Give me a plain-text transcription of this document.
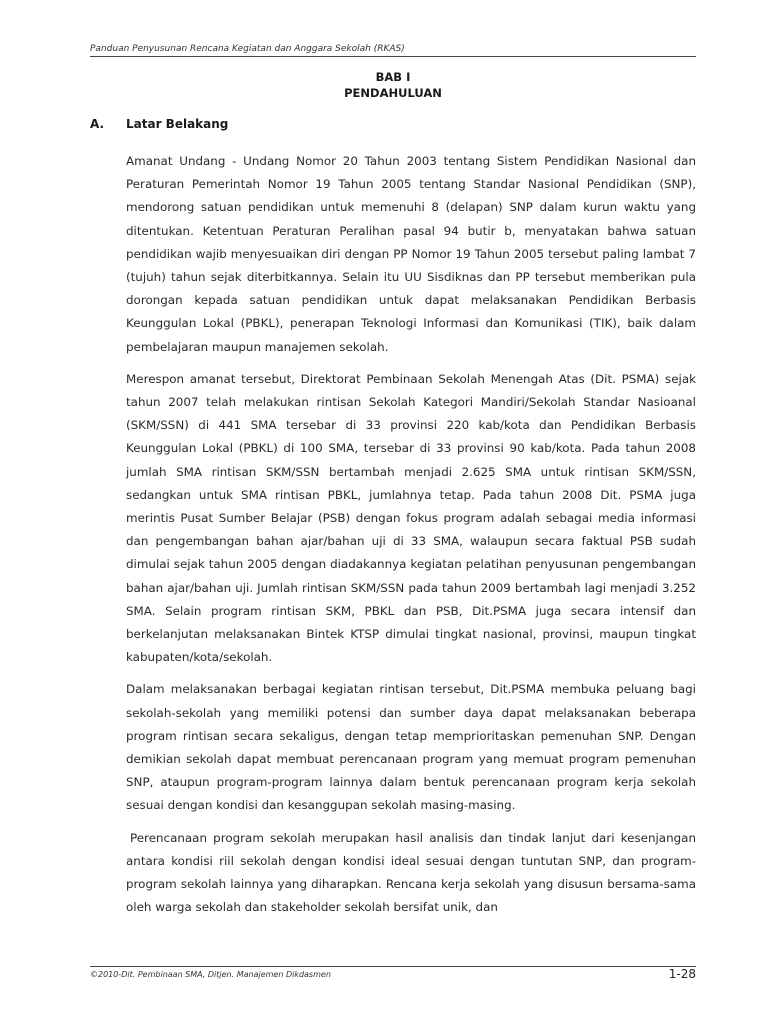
Panduan Penyusunan Rencana Kegiatan dan Anggara Sekolah (RKAS)
BAB I
PENDAHULUAN
A. Latar Belakang

Amanat Undang - Undang Nomor 20 Tahun 2003 tentang Sistem Pendidikan Nasional dan Peraturan Pemerintah Nomor 19 Tahun 2005 tentang Standar Nasional Pendidikan (SNP), mendorong satuan pendidikan untuk memenuhi 8 (delapan) SNP dalam kurun waktu yang ditentukan. Ketentuan Peraturan Peralihan pasal 94 butir b, menyatakan bahwa satuan pendidikan wajib menyesuaikan diri dengan PP Nomor 19 Tahun 2005 tersebut paling lambat 7 (tujuh) tahun sejak diterbitkannya. Selain itu UU Sisdiknas dan PP tersebut memberikan pula dorongan kepada satuan pendidikan untuk dapat melaksanakan Pendidikan Berbasis Keunggulan Lokal (PBKL), penerapan Teknologi Informasi dan Komunikasi (TIK), baik dalam pembelajaran maupun manajemen sekolah.

Merespon amanat tersebut, Direktorat Pembinaan Sekolah Menengah Atas (Dit. PSMA) sejak tahun 2007 telah melakukan rintisan Sekolah Kategori Mandiri/Sekolah Standar Nasioanal (SKM/SSN) di 441 SMA tersebar di 33 provinsi 220 kab/kota dan Pendidikan Berbasis Keunggulan Lokal (PBKL) di 100 SMA, tersebar di 33 provinsi 90 kab/kota. Pada tahun 2008 jumlah SMA rintisan SKM/SSN bertambah menjadi 2.625 SMA untuk rintisan SKM/SSN, sedangkan untuk SMA rintisan PBKL, jumlahnya tetap. Pada tahun 2008 Dit. PSMA juga merintis Pusat Sumber Belajar (PSB) dengan fokus program adalah sebagai media informasi dan pengembangan bahan ajar/bahan uji di 33 SMA, walaupun secara faktual PSB sudah dimulai sejak tahun 2005 dengan diadakannya kegiatan pelatihan penyusunan pengembangan bahan ajar/bahan uji. Jumlah rintisan SKM/SSN pada tahun 2009 bertambah lagi menjadi 3.252 SMA. Selain program rintisan SKM, PBKL dan PSB, Dit.PSMA juga secara intensif dan berkelanjutan melaksanakan Bintek KTSP dimulai tingkat nasional, provinsi, maupun tingkat kabupaten/kota/sekolah.

Dalam melaksanakan berbagai kegiatan rintisan tersebut, Dit.PSMA membuka peluang bagi sekolah-sekolah yang memiliki potensi dan sumber daya dapat melaksanakan beberapa program rintisan secara sekaligus, dengan tetap memprioritaskan pemenuhan SNP. Dengan demikian sekolah dapat membuat perencanaan program yang memuat program pemenuhan SNP, ataupun program-program lainnya dalam bentuk perencanaan program kerja sekolah sesuai dengan kondisi dan kesanggupan sekolah masing-masing.

Perencanaan program sekolah merupakan hasil analisis dan tindak lanjut dari kesenjangan antara kondisi riil sekolah dengan kondisi ideal sesuai dengan tuntutan SNP, dan program-program sekolah lainnya yang diharapkan. Rencana kerja sekolah yang disusun bersama-sama oleh warga sekolah dan stakeholder sekolah bersifat unik, dan

©2010-Dit. Pembinaan SMA, Ditjen. Manajemen Dikdasmen	1-28
